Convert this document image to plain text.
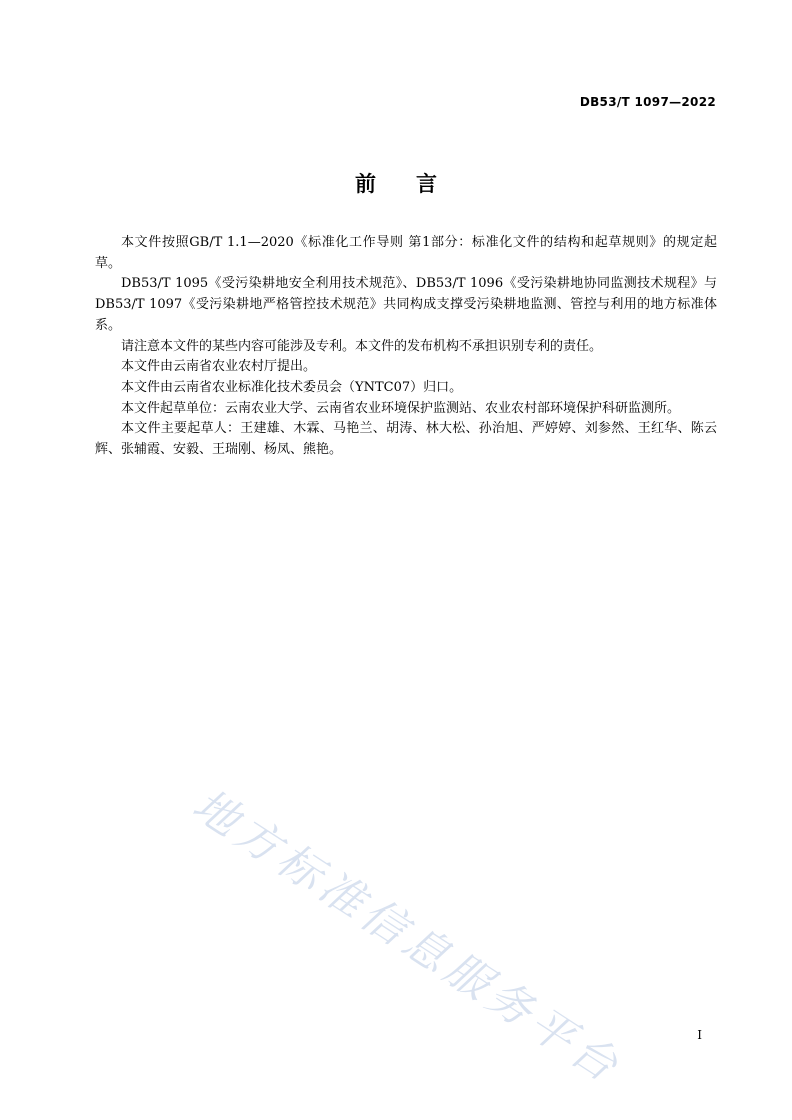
DB53/T 1097—2022
前言

本文件按照GB/T 1.1—2020《标准化工作导则 第1部分：标准化文件的结构和起草规则》的规定起草。

DB53/T 1095《受污染耕地安全利用技术规范》、DB53/T 1096《受污染耕地协同监测技术规程》与DB53/T 1097《受污染耕地严格管控技术规范》共同构成支撑受污染耕地监测、管控与利用的地方标准体系。

请注意本文件的某些内容可能涉及专利。本文件的发布机构不承担识别专利的责任。

本文件由云南省农业农村厅提出。

本文件由云南省农业标准化技术委员会（YNTC07）归口。

本文件起草单位：云南农业大学、云南省农业环境保护监测站、农业农村部环境保护科研监测所。

本文件主要起草人：王建雄、木霖、马艳兰、胡涛、林大松、孙治旭、严婷婷、刘参然、王红华、陈云辉、张辅霞、安毅、王瑞刚、杨凤、熊艳。

地方标准信息服务平台	I
